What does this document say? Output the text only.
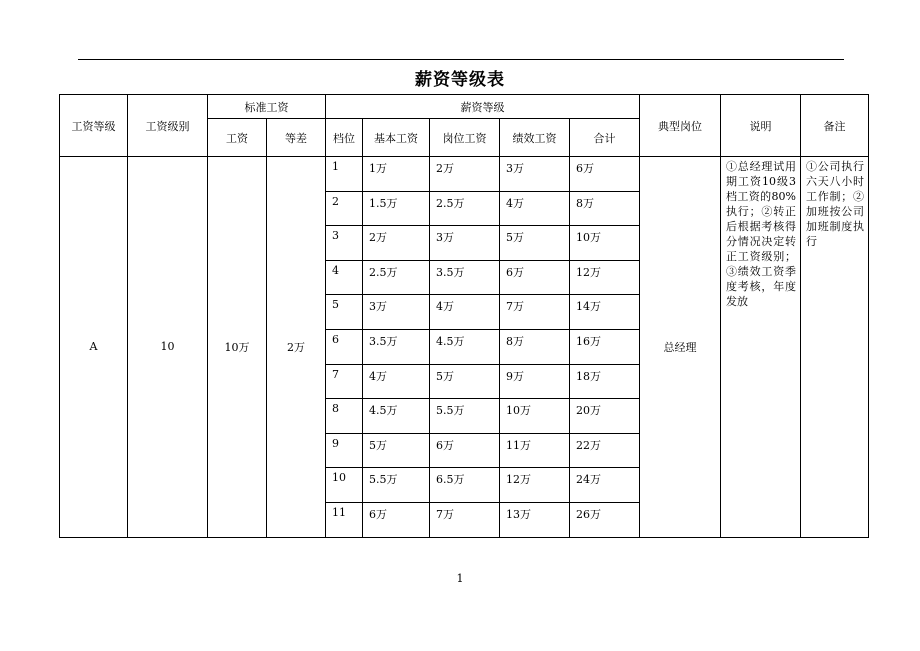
薪资等级表
工资等级	工资级别	标准工资		薪资等级					典型岗位	说明	备注
		工资	等差	档位	基本工资	岗位工资	绩效工资	合计			
A	10	10万	2万	1	1万	2万	3万	6万	总经理	①总经理试用期工资10级3档工资的80%执行；②转正后根据考核得分情况决定转正工资级别；③绩效工资季度考核，年度发放	①公司执行六天八小时工作制；②加班按公司加班制度执行
				2	1.5万	2.5万	4万	8万			
				3	2万	3万	5万	10万			
				4	2.5万	3.5万	6万	12万			
				5	3万	4万	7万	14万			
				6	3.5万	4.5万	8万	16万			
				7	4万	5万	9万	18万			
				8	4.5万	5.5万	10万	20万			
				9	5万	6万	11万	22万			
				10	5.5万	6.5万	12万	24万			
				11	6万	7万	13万	26万			
1
